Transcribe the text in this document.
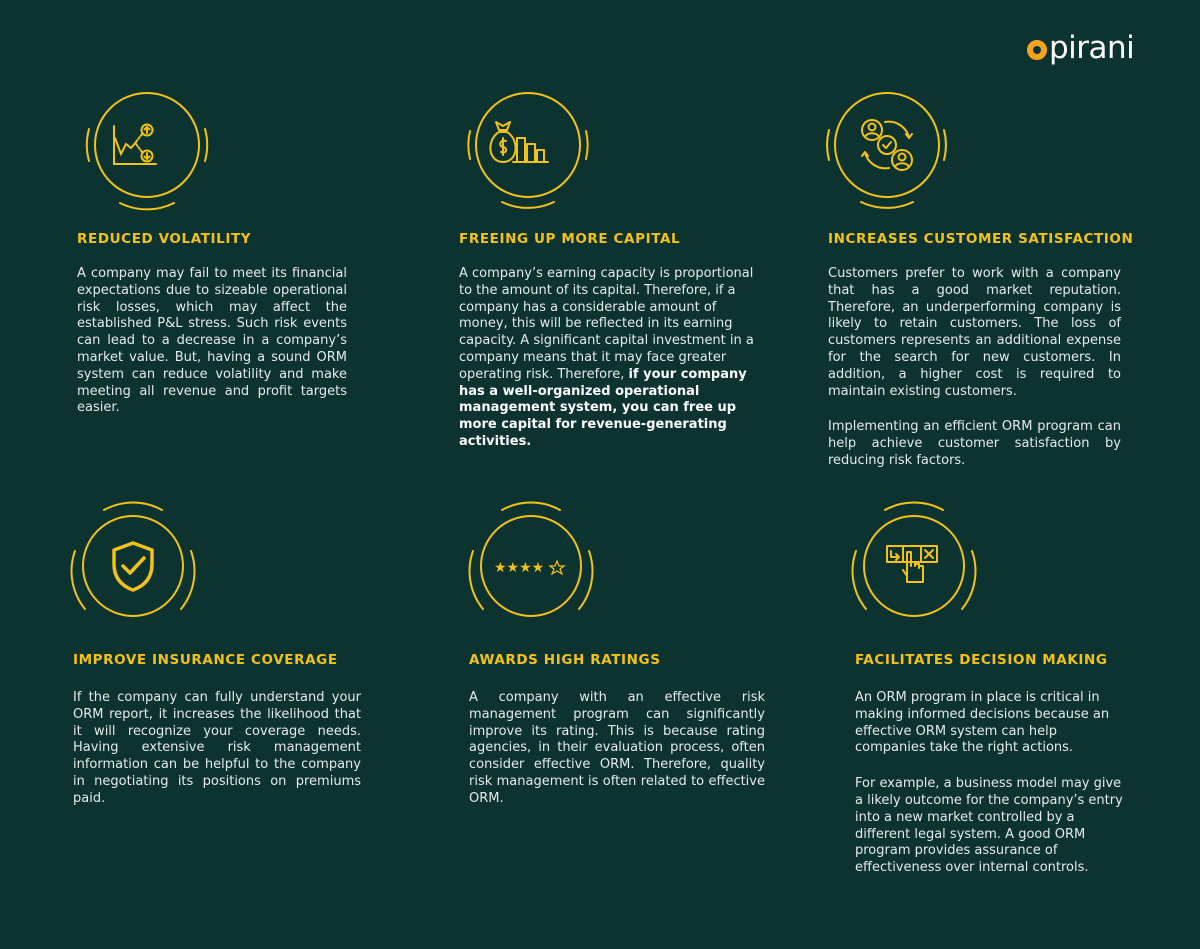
pirani
REDUCED VOLATILITY

A company may fail to meet its financial expectations due to sizeable operational risk losses, which may affect the established P&L stress. Such risk events can lead to a decrease in a company’s market value. But, having a sound ORM system can reduce volatility and make meeting all revenue and profit targets easier.

FREEING UP MORE CAPITAL

A company’s earning capacity is proportional to the amount of its capital. Therefore, if a company has a considerable amount of money, this will be reflected in its earning capacity. A significant capital investment in a company means that it may face greater operating risk. Therefore, if your company has a well-organized operational management system, you can free up more capital for revenue-generating activities.

INCREASES CUSTOMER SATISFACTION

Customers prefer to work with a company that has a good market reputation. Therefore, an underperforming company is likely to retain customers. The loss of customers represents an additional expense for the search for new customers. In addition, a higher cost is required to maintain existing customers.

Implementing an efficient ORM program can help achieve customer satisfaction by reducing risk factors.

IMPROVE INSURANCE COVERAGE

If the company can fully understand your ORM report, it increases the likelihood that it will recognize your coverage needs. Having extensive risk management information can be helpful to the company in negotiating its positions on premiums paid.

★★★★
AWARDS HIGH RATINGS

A company with an effective risk management program can significantly improve its rating. This is because rating agencies, in their evaluation process, often consider effective ORM. Therefore, quality risk management is often related to effective ORM.

FACILITATES DECISION MAKING

An ORM program in place is critical in making informed decisions because an effective ORM system can help companies take the right actions.

For example, a business model may give a likely outcome for the company’s entry into a new market controlled by a different legal system. A good ORM program provides assurance of effectiveness over internal controls.
